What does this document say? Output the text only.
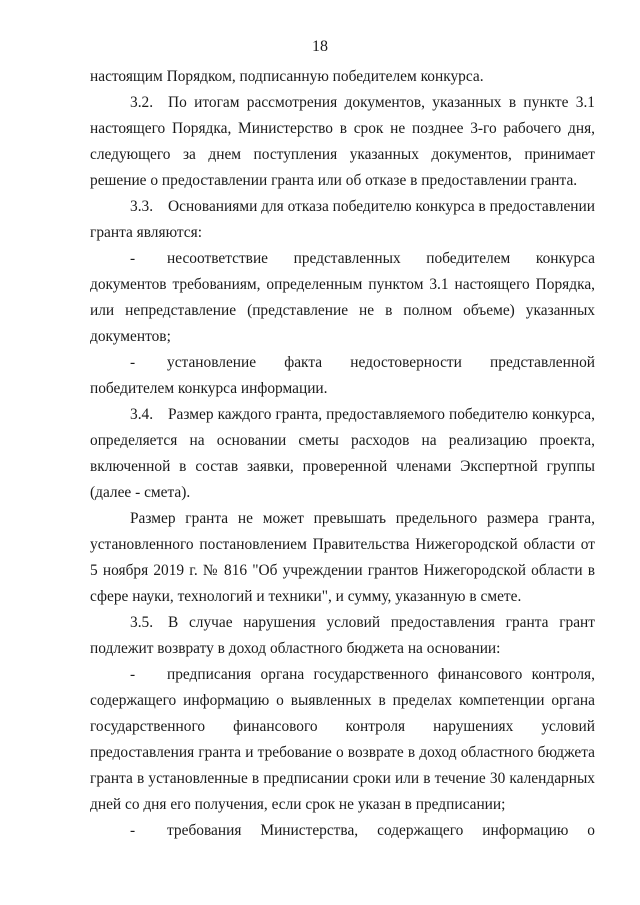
18

настоящим Порядком, подписанную победителем конкурса.

3.2. По итогам рассмотрения документов, указанных в пункте 3.1 настоящего Порядка, Министерство в срок не позднее 3-го рабочего дня, следующего за днем поступления указанных документов, принимает решение о предоставлении гранта или об отказе в предоставлении гранта.

3.3. Основаниями для отказа победителю конкурса в предоставлении гранта являются:

- несоответствие представленных победителем конкурса документов требованиям, определенным пунктом 3.1 настоящего Порядка, или непредставление (представление не в полном объеме) указанных документов;

- установление факта недостоверности представленной победителем конкурса информации.

3.4. Размер каждого гранта, предоставляемого победителю конкурса, определяется на основании сметы расходов на реализацию проекта, включенной в состав заявки, проверенной членами Экспертной группы (далее - смета).

Размер гранта не может превышать предельного размера гранта, установленного постановлением Правительства Нижегородской области от 5 ноября 2019 г. № 816 "Об учреждении грантов Нижегородской области в сфере науки, технологий и техники", и сумму, указанную в смете.

3.5. В случае нарушения условий предоставления гранта грант подлежит возврату в доход областного бюджета на основании:

- предписания органа государственного финансового контроля, содержащего информацию о выявленных в пределах компетенции органа государственного финансового контроля нарушениях условий предоставления гранта и требование о возврате в доход областного бюджета гранта в установленные в предписании сроки или в течение 30 календарных дней со дня его получения, если срок не указан в предписании;

- требования Министерства, содержащего информацию о
